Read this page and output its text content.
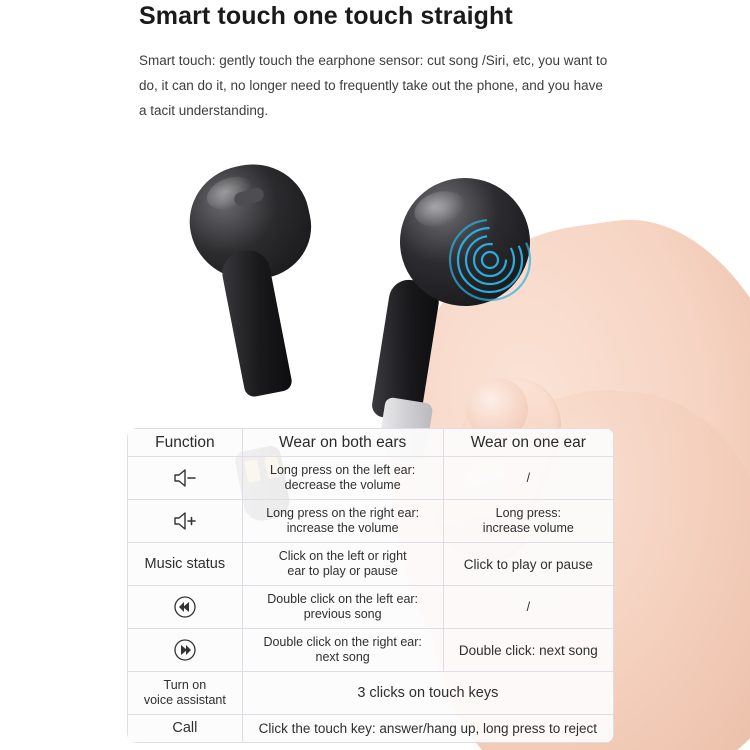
Smart touch one touch straight
Smart touch: gently touch the earphone sensor: cut song /Siri, etc, you want to do, it can do it, no longer need to frequently take out the phone, and you have a tacit understanding.
Function	Wear on both ears	Wear on one ear

	Long press on the left ear:
decrease the volume	/

	Long press on the right ear:
increase the volume	Long press:
increase volume
Music status	Click on the left or right
ear to play or pause	Click to play or pause

	Double click on the left ear:
previous song	/

	Double click on the right ear:
next song	Double click: next song
Turn on
voice assistant	3 clicks on touch keys	
Call	Click the touch key: answer/hang up, long press to reject	
